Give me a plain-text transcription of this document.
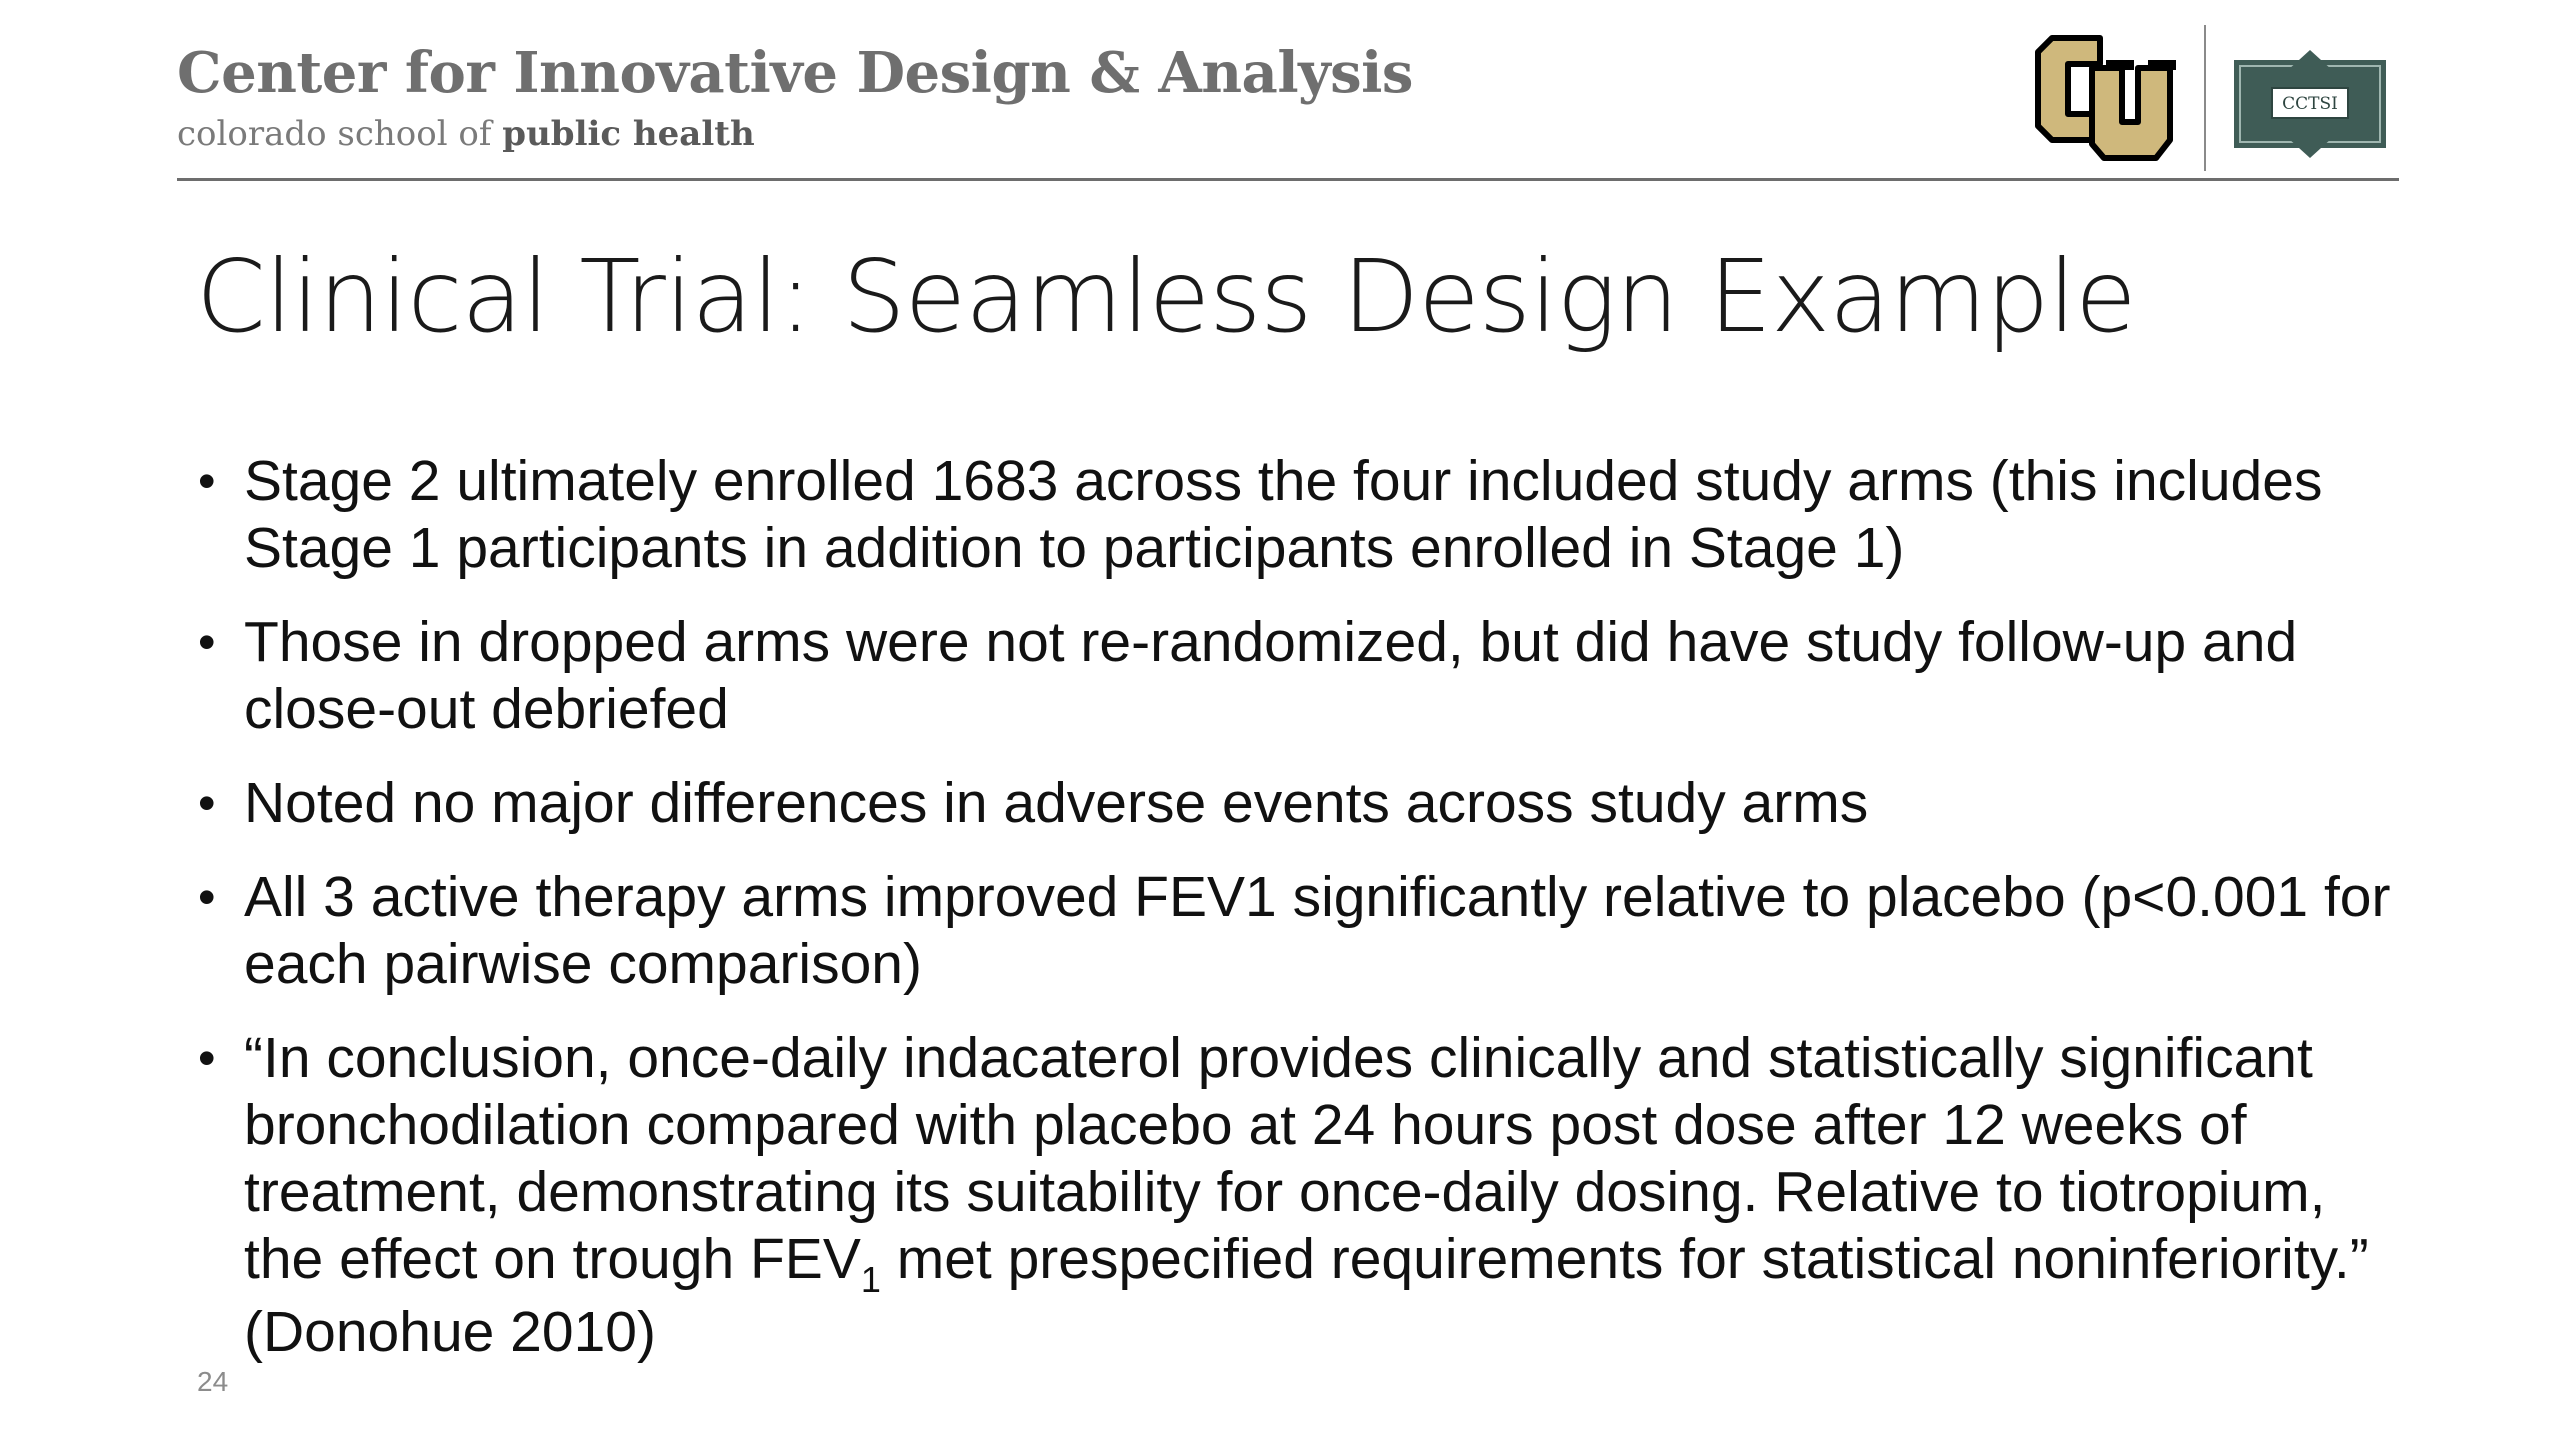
Center for Innovative Design & Analysis
colorado school of public health
CCTSI
Clinical Trial: Seamless Design Example
• Stage 2 ultimately enrolled 1683 across the four included study arms (this includes Stage 1 participants in addition to participants enrolled in Stage 1)
• Those in dropped arms were not re-randomized, but did have study follow-up and close-out debriefed
• Noted no major differences in adverse events across study arms
• All 3 active therapy arms improved FEV1 significantly relative to placebo (p<0.001 for each pairwise comparison)
• “In conclusion, once-daily indacaterol provides clinically and statistically significant bronchodilation compared with placebo at 24 hours post dose after 12 weeks of treatment, demonstrating its suitability for once-daily dosing. Relative to tiotropium, the effect on trough $FEV_1$ met prespecified requirements for statistical noninferiority.” (Donohue 2010)
24
